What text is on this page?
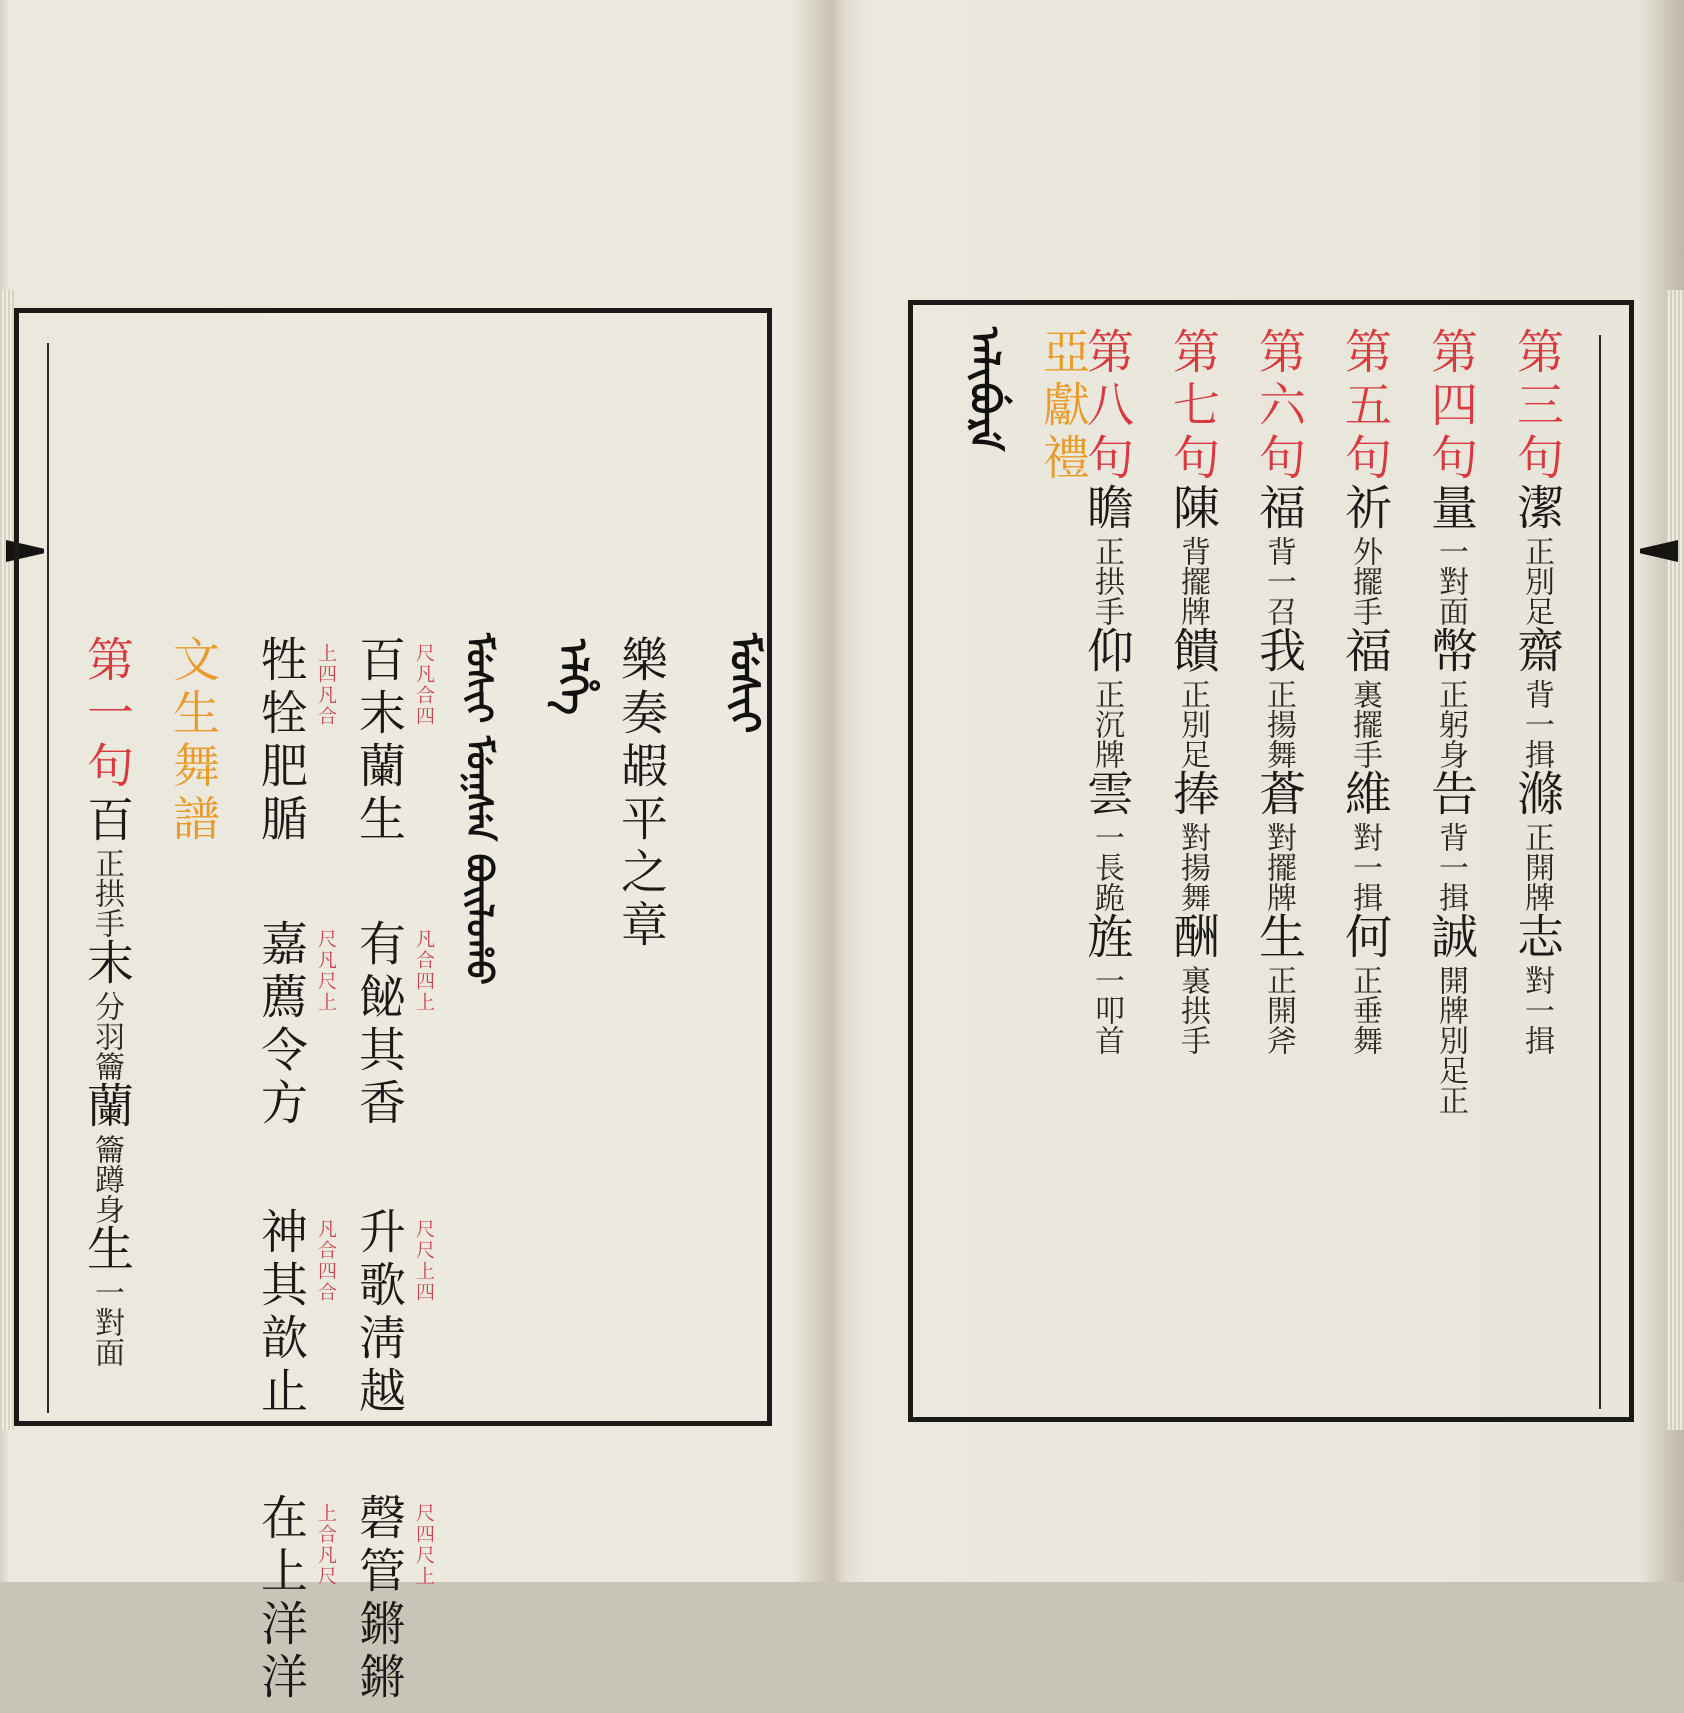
ᠮᡠᠰᡳᡳ
ᡝᠯᡥᡝ 樂奏嘏平之章
ᠮᡠᠰᡳᡳ ᠮᡠᡴᠰᡝᠨ ᠪᠣᡳᠯᠣᡥᠣ
尺凡合四
凡合四上
尺尺上四
尺四尺上
百末蘭生
有飶其香
升歌淸越
磬管鏘鏘
上四凡合
尺凡尺上
凡合四合
上合凡尺
牲牷肥腯
嘉薦令方
神其歆止
在上洋洋
文生舞譜
第一句
百正拱手末分羽籥蘭籥蹲身生一對面
ᠠᠯᡳᠪᡠᡵᡝ 亞獻禮	第三句
潔正別足齋背一揖滌正開牌志對一揖
第四句
量一對面幣正躬身告背一揖誠開牌別足正
第五句
祈外擺手福裏擺手維對一揖何正垂舞
第六句
福背一召我正揚舞蒼對擺牌生正開斧
第七句
陳背擺牌饋正別足捧對揚舞酬裏拱手
第八句
瞻正拱手仰正沉牌雲一長跪旌一叩首
